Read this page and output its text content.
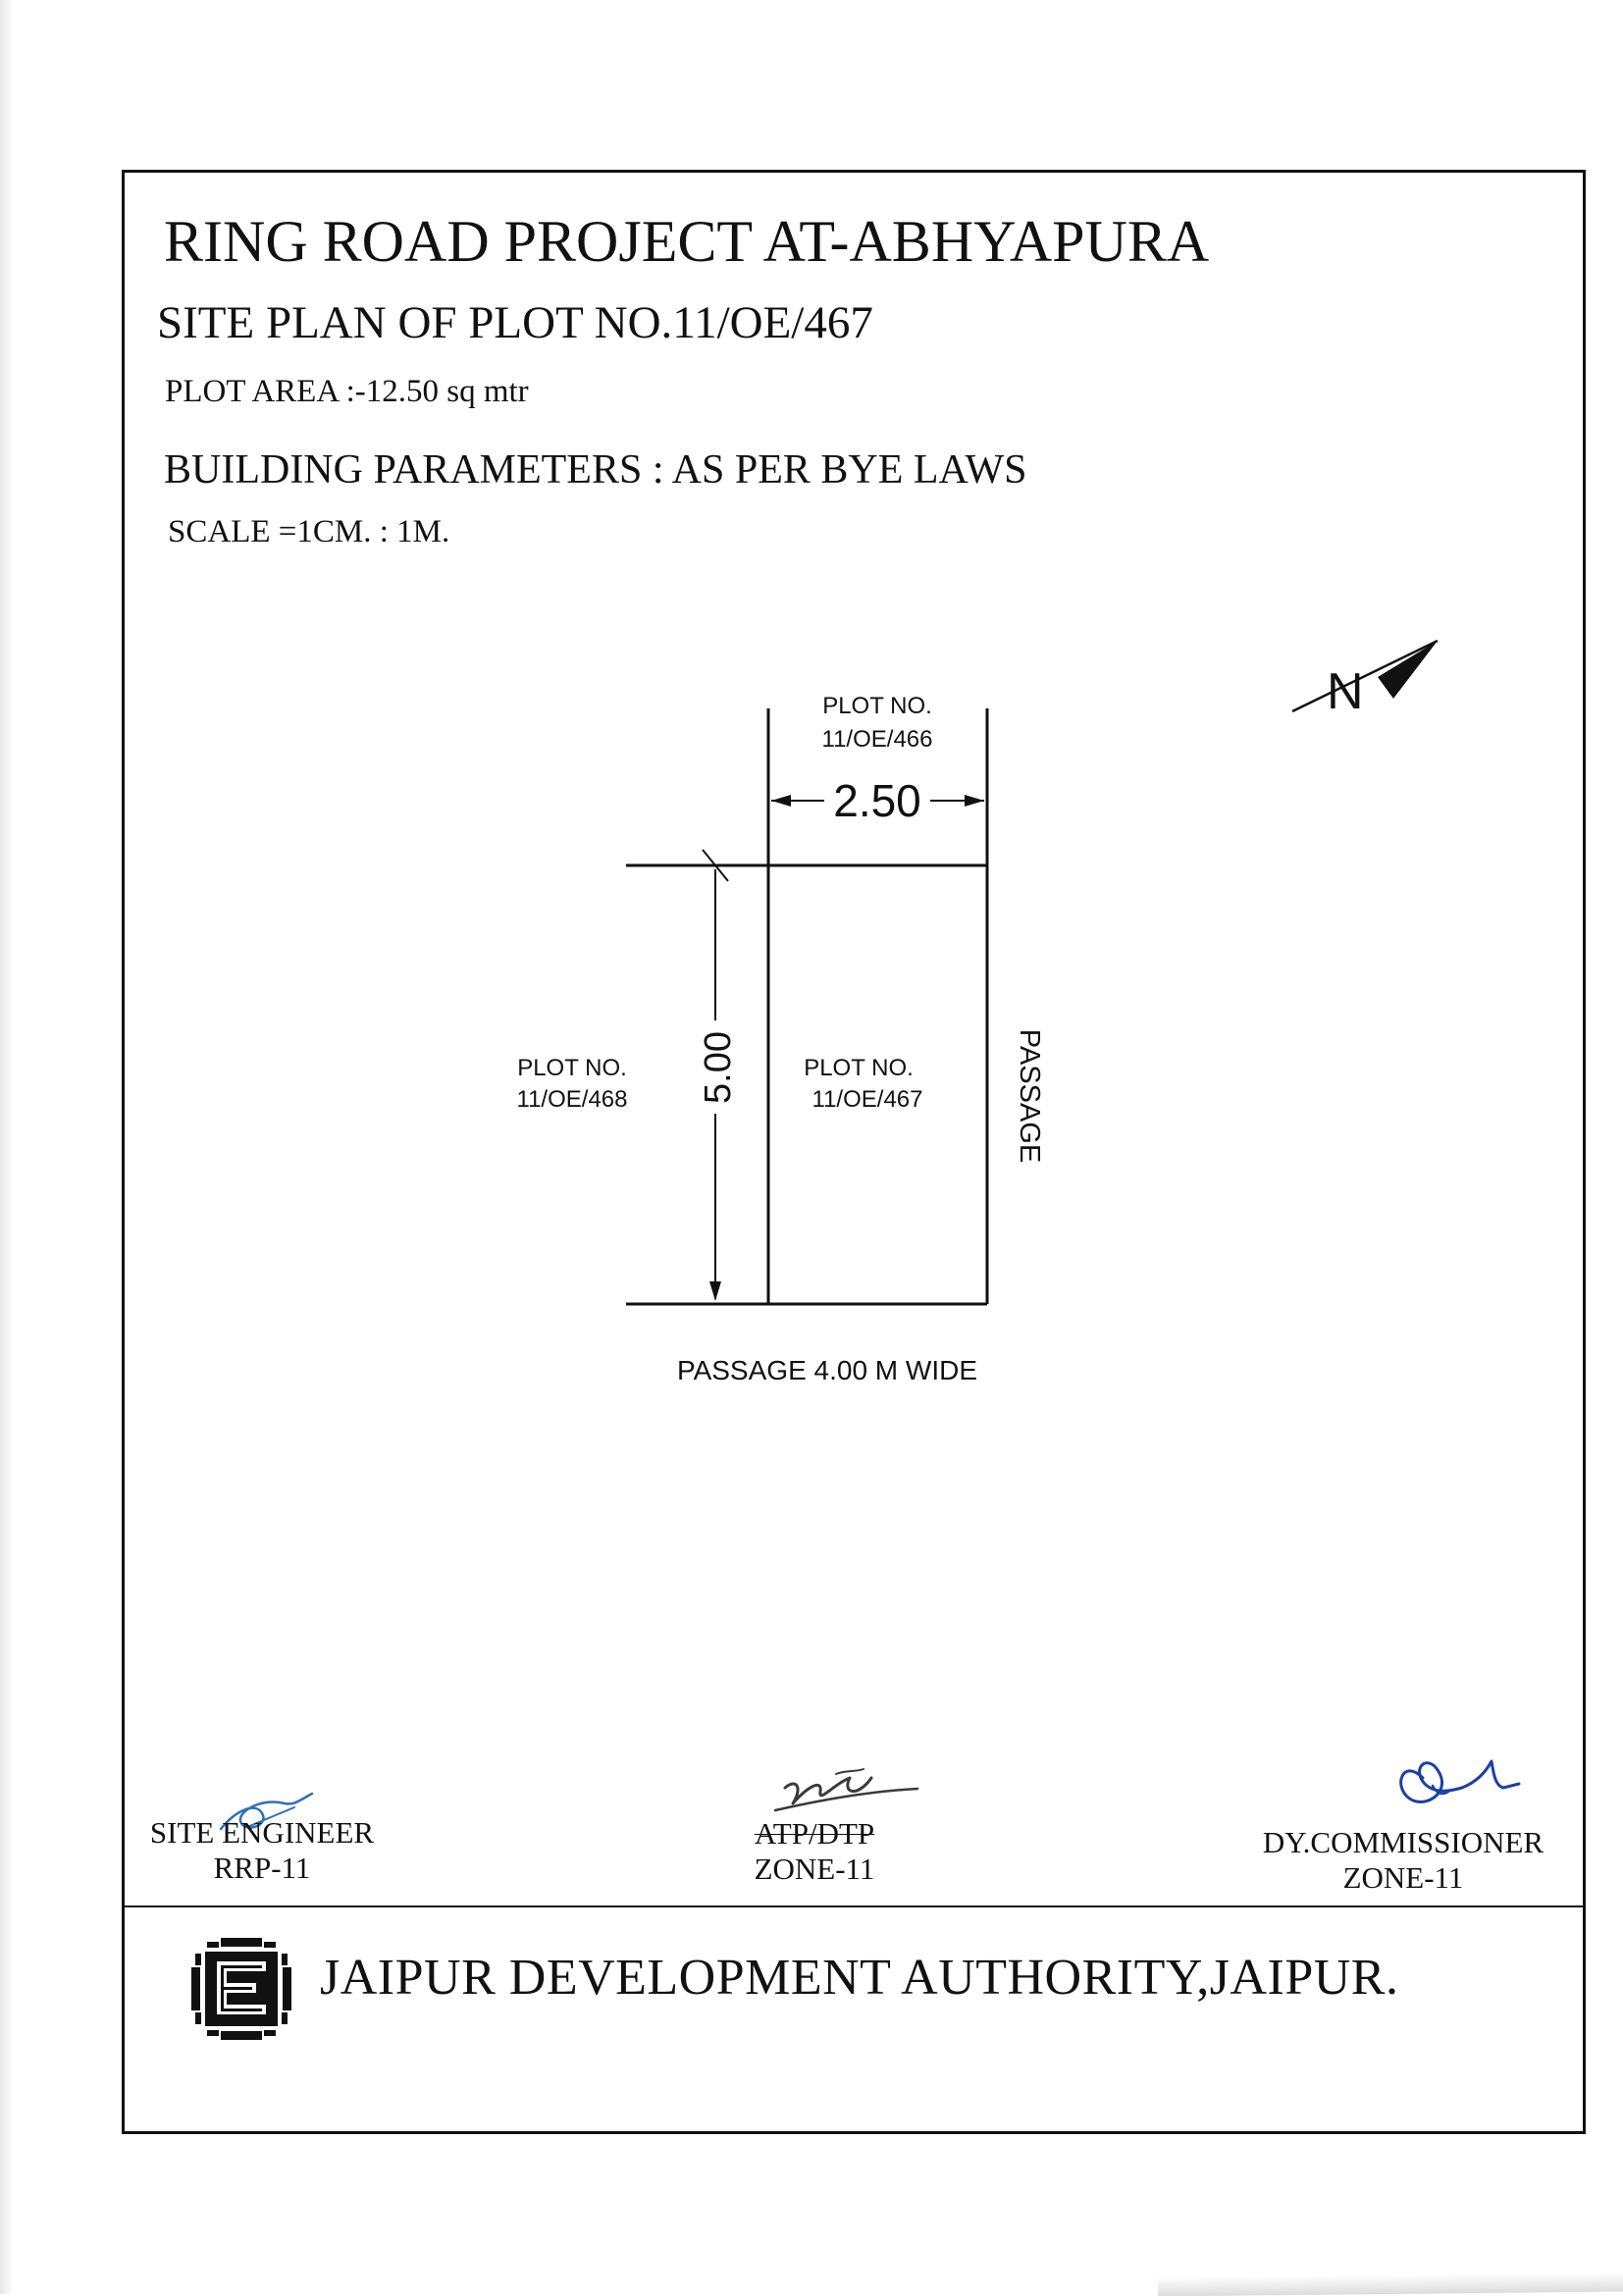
RING ROAD PROJECT AT-ABHYAPURA
SITE PLAN OF PLOT NO.11/OE/467
PLOT AREA :-12.50 sq mtr
BUILDING PARAMETERS : AS PER BYE LAWS
SCALE =1CM. : 1M.
N
2.50
5.00
PLOT NO.
11/OE/466
PLOT NO.
11/OE/468
PLOT NO.
11/OE/467	PASSAGE
PASSAGE 4.00 M WIDE
SITE ENGINEER
RRP-11
ATP/DTP
ZONE-11
DY.COMMISSIONER
ZONE-11
JAIPUR DEVELOPMENT AUTHORITY,JAIPUR.
